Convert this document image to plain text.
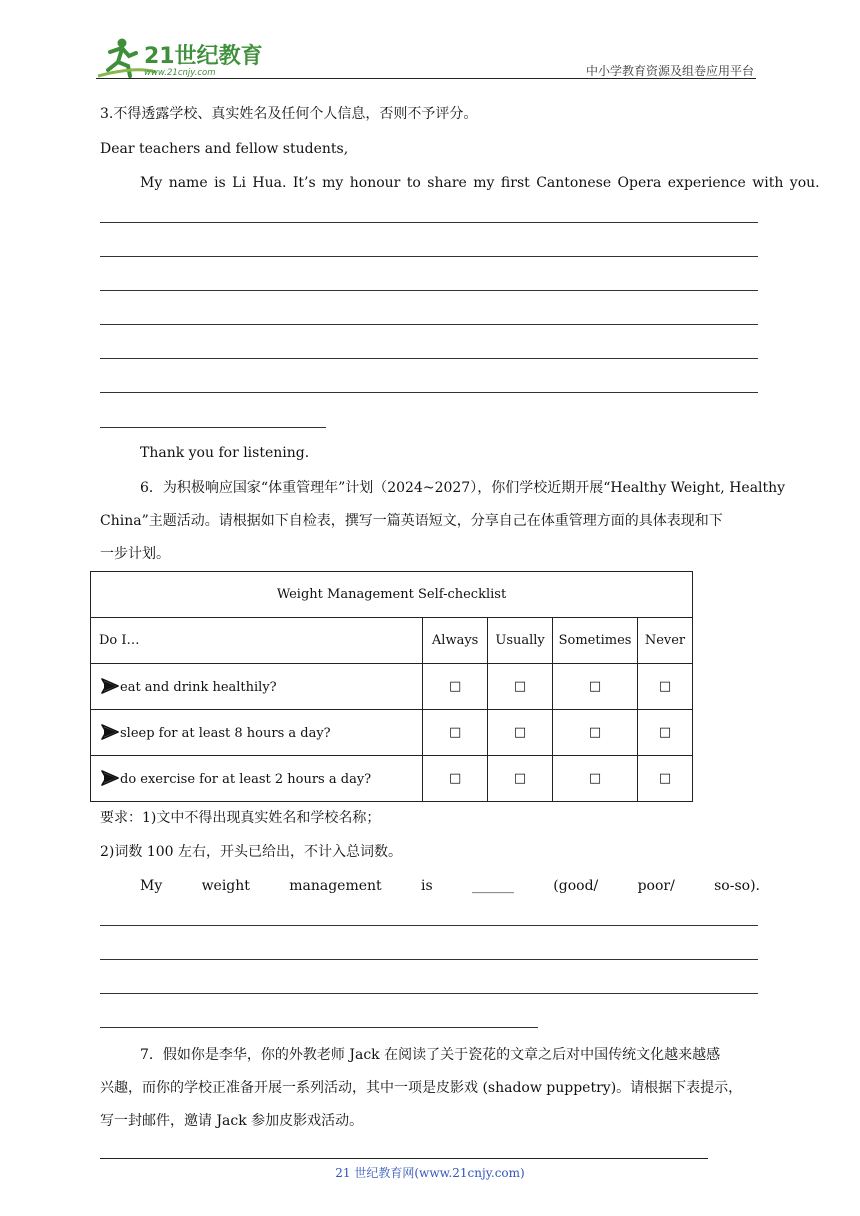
21世纪教育
www.21cnjy.com	中小学教育资源及组卷应用平台
3.不得透露学校、真实姓名及任何个人信息，否则不予评分。
Dear teachers and fellow students,
My name is Li Hua. It’s my honour to share my first Cantonese Opera experience with you.
Thank you for listening.
6．为积极响应国家“体重管理年”计划（2024~2027），你们学校近期开展“Healthy Weight, Healthy
China”主题活动。请根据如下自检表，撰写一篇英语短文，分享自己在体重管理方面的具体表现和下
一步计划。
Weight Management Self-checklist				
Do I…	Always	Usually	Sometimes	Never
eat and drink healthily?	□	□	□	□
sleep for at least 8 hours a day?	□	□	□	□
do exercise for at least 2 hours a day?	□	□	□	□
要求：1)文中不得出现真实姓名和学校名称；
2)词数 100 左右，开头已给出，不计入总词数。
My	weight	management	is	______	(good/	poor/	so-so).
7．假如你是李华，你的外教老师 Jack 在阅读了关于瓷花的文章之后对中国传统文化越来越感
兴趣，而你的学校正准备开展一系列活动，其中一项是皮影戏 (shadow puppetry)。请根据下表提示，
写一封邮件，邀请 Jack 参加皮影戏活动。
21 世纪教育网(www.21cnjy.com)
